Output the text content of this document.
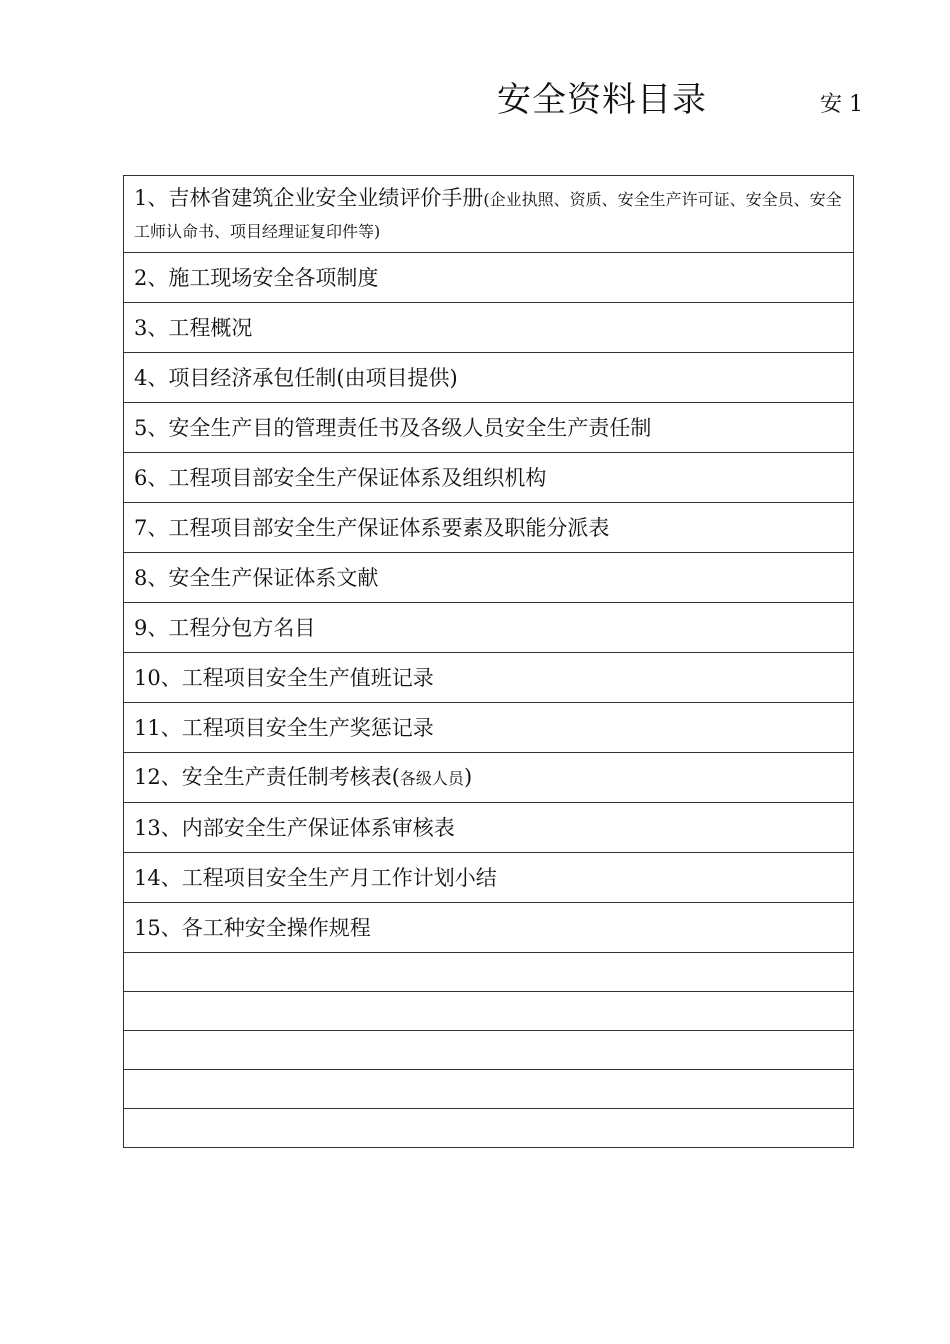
安全资料目录	安 1
1、吉林省建筑企业安全业绩评价手册(企业执照、资质、安全生产许可证、安全员、安全工师认命书、项目经理证复印件等)
2、施工现场安全各项制度
3、工程概况
4、项目经济承包任制(由项目提供)
5、安全生产目的管理责任书及各级人员安全生产责任制
6、工程项目部安全生产保证体系及组织机构
7、工程项目部安全生产保证体系要素及职能分派表
8、安全生产保证体系文献
9、工程分包方名目
10、工程项目安全生产值班记录
11、工程项目安全生产奖惩记录
12、安全生产责任制考核表(各级人员)
13、内部安全生产保证体系审核表
14、工程项目安全生产月工作计划小结
15、各工种安全操作规程
